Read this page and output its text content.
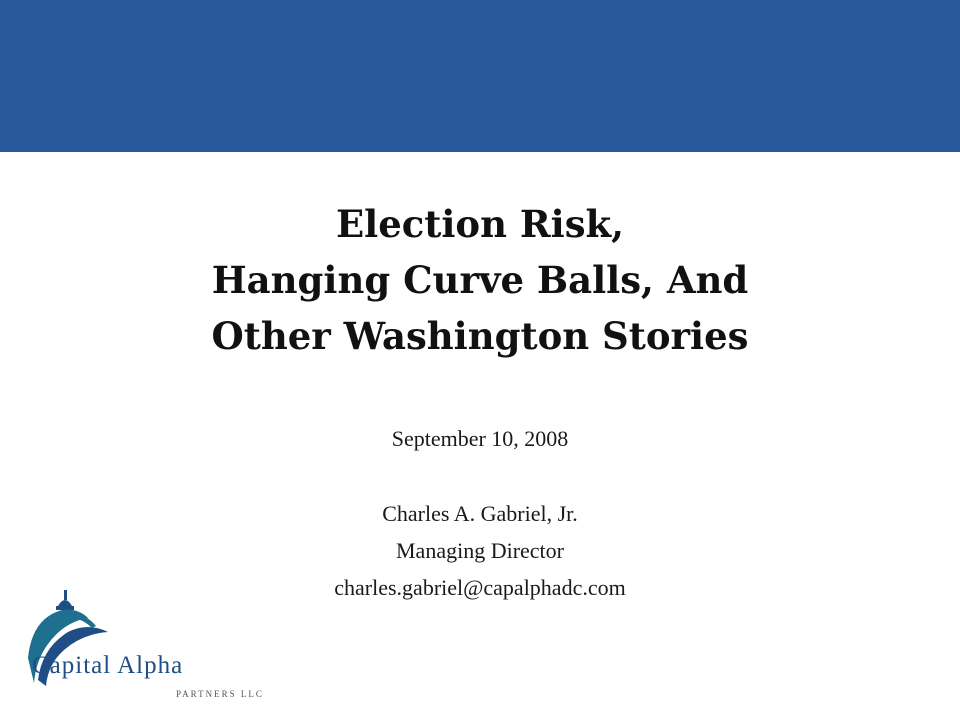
Election Risk,
Hanging Curve Balls, And
Other Washington Stories
September 10, 2008
Charles A. Gabriel, Jr.
Managing Director
charles.gabriel@capalphadc.com
Capital Alpha
PARTNERS LLC
